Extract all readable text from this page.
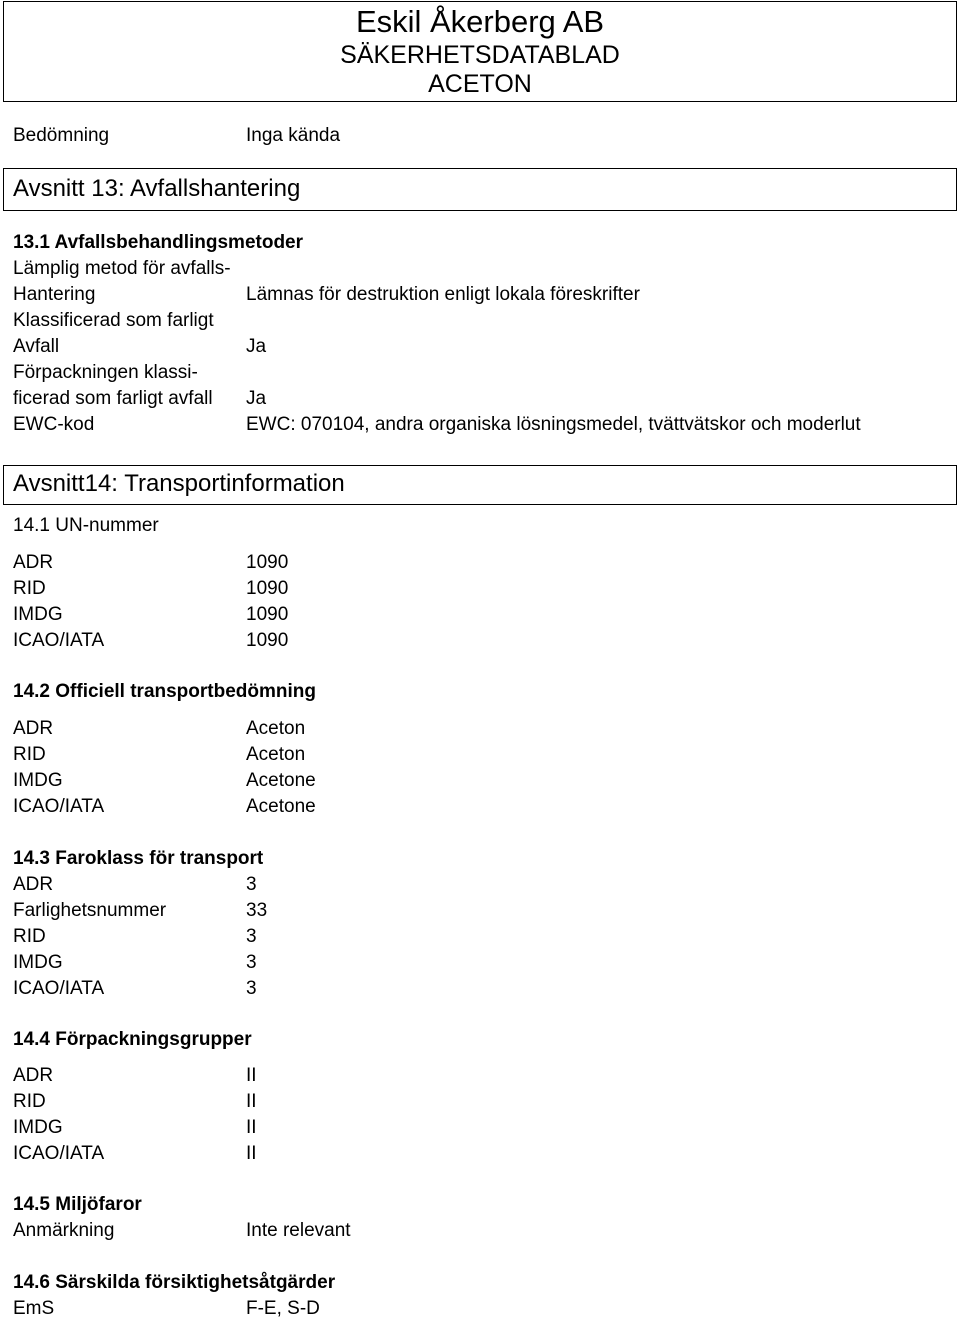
Eskil Åkerberg AB
SÄKERHETSDATABLAD
ACETON
Bedömning	Inga kända
Avsnitt 13: Avfallshantering
13.1 Avfallsbehandlingsmetoder
Lämplig metod för avfalls-
Hantering	Lämnas för destruktion enligt lokala föreskrifter
Klassificerad som farligt
Avfall	Ja
Förpackningen klassi-
ficerad som farligt avfall Ja
EWC-kod	EWC: 070104, andra organiska lösningsmedel, tvättvätskor och moderlut
Avsnitt14: Transportinformation
14.1 UN-nummer
ADR	1090
RID	1090
IMDG	1090
ICAO/IATA	1090
14.2 Officiell transportbedömning
ADR	Aceton
RID	Aceton
IMDG	Acetone
ICAO/IATA	Acetone
14.3 Faroklass för transport
ADR	3
Farlighetsnummer	33
RID	3
IMDG	3
ICAO/IATA	3
14.4 Förpackningsgrupper
ADR	II
RID	II
IMDG	II
ICAO/IATA	II
14.5 Miljöfaror
Anmärkning	Inte relevant
14.6 Särskilda försiktighetsåtgärder
EmS	F-E, S-D
